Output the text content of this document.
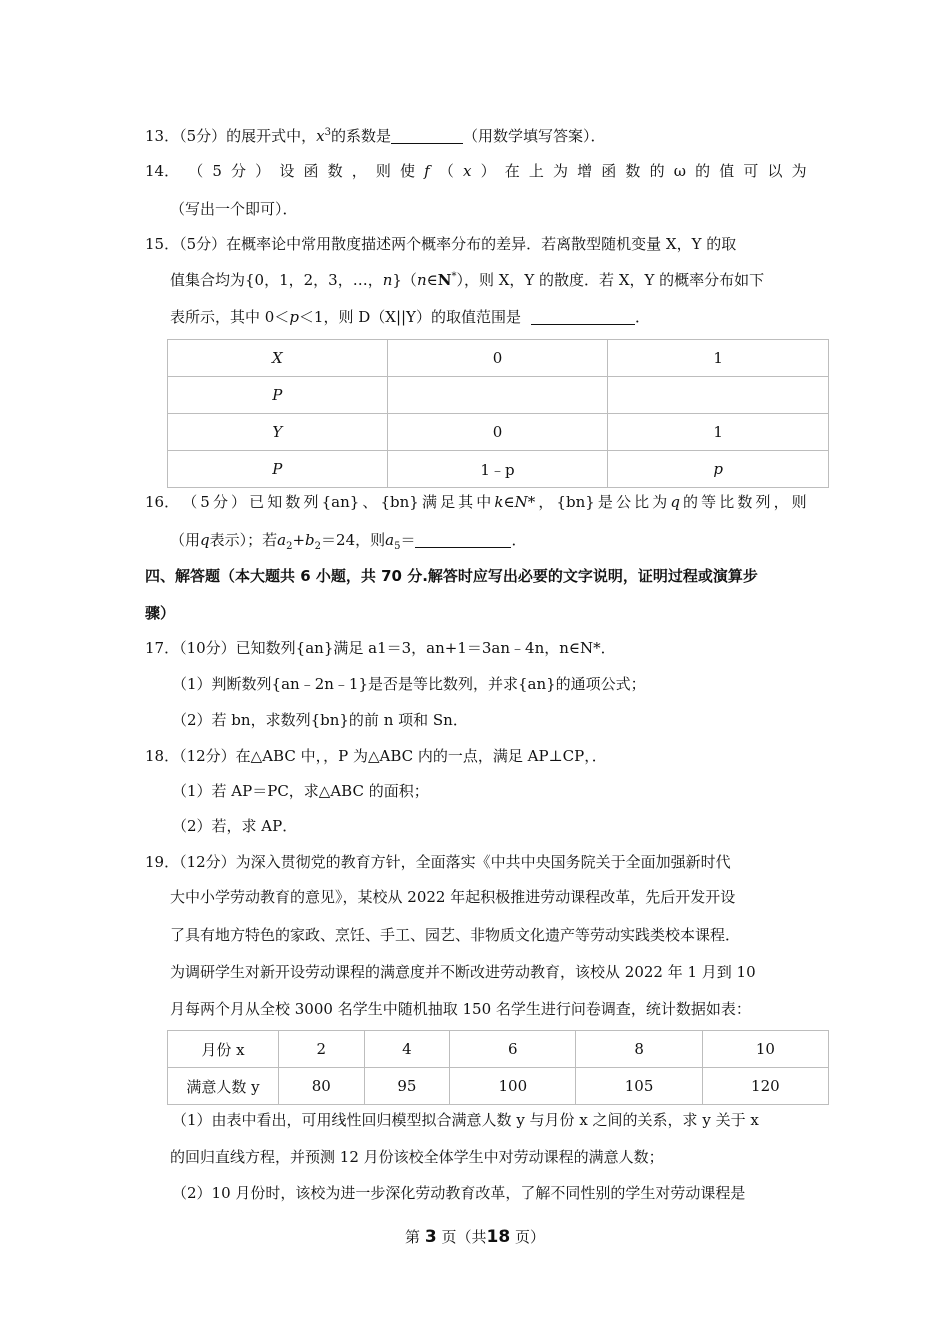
13．（5分）的展开式中，$x^3$的系数是	（用数学填写答案）．
14． （ 5 分 ） 设 函 数 ， 则 使 f （ x ） 在 上 为 增 函 数 的 ω 的 值 可 以 为
（写出一个即可）．
15．（5分）在概率论中常用散度描述两个概率分布的差异．若离散型随机变量 X，Y 的取
值集合均为{0，1，2，3，…，n}（n∈N*），则 X，Y 的散度．若 X，Y 的概率分布如下
表所示，其中 0＜p＜1，则 D（X||Y）的取值范围是	．
X	0	1
P		
Y	0	1
P	1﹣p	p
16． （ 5 分 ） 已 知 数 列 {an} 、 {bn} 满 足 其 中 k∈N* ， {bn} 是 公 比 为 q 的 等 比 数 列 ， 则
（用q表示）；若$a_2+b_2=24$，则$a_5=$	．
四、解答题（本大题共 6 小题，共 70 分.解答时应写出必要的文字说明，证明过程或演算步
骤）
17．（10分）已知数列{an}满足 a1＝3，an+1＝3an﹣4n，n∈N*．
（1）判断数列{an﹣2n﹣1}是否是等比数列，并求{an}的通项公式；
（2）若 bn，求数列{bn}的前 n 项和 Sn．
18．（12分）在△ABC 中，，P 为△ABC 内的一点，满足 AP⊥CP，．
（1）若 AP＝PC，求△ABC 的面积；
（2）若，求 AP．
19．（12分）为深入贯彻党的教育方针，全面落实《中共中央国务院关于全面加强新时代
大中小学劳动教育的意见》，某校从 2022 年起积极推进劳动课程改革，先后开发开设
了具有地方特色的家政、烹饪、手工、园艺、非物质文化遗产等劳动实践类校本课程．
为调研学生对新开设劳动课程的满意度并不断改进劳动教育，该校从 2022 年 1 月到 10
月每两个月从全校 3000 名学生中随机抽取 150 名学生进行问卷调查，统计数据如表：
月份 x	2	4	6	8	10
满意人数 y	80	95	100	105	120
（1）由表中看出，可用线性回归模型拟合满意人数 y 与月份 x 之间的关系，求 y 关于 x
的回归直线方程，并预测 12 月份该校全体学生中对劳动课程的满意人数；
（2）10 月份时，该校为进一步深化劳动教育改革，了解不同性别的学生对劳动课程是
第 3 页（共18 页）
